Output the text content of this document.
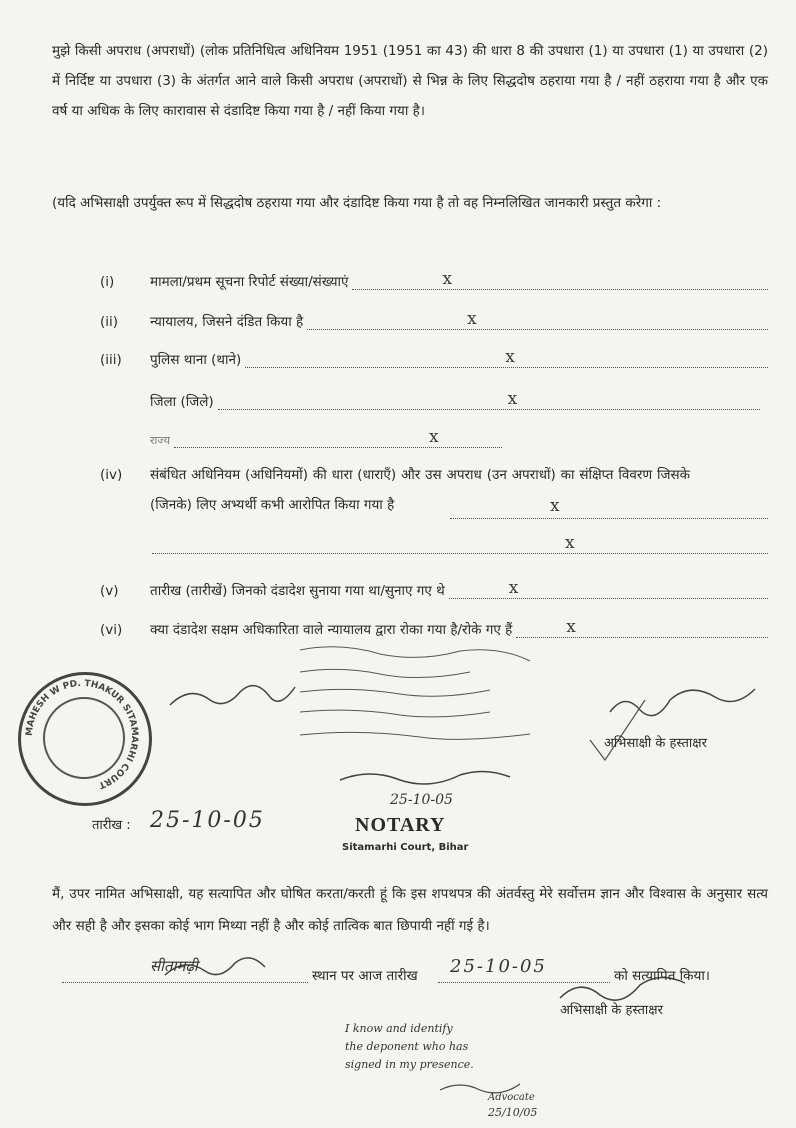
मुझे किसी अपराध (अपराधों) (लोक प्रतिनिधित्व अधिनियम 1951 (1951 का 43) की धारा 8 की उपधारा (1) या उपधारा (1) या उपधारा (2) में निर्दिष्ट या उपधारा (3) के अंतर्गत आने वाले किसी अपराध (अपराधों) से भिन्न के लिए सिद्धदोष ठहराया गया है / नहीं ठहराया गया है और एक वर्ष या अधिक के लिए कारावास से दंडादिष्ट किया गया है / नहीं किया गया है।
(यदि अभिसाक्षी उपर्युक्त रूप में सिद्धदोष ठहराया गया और दंडादिष्ट किया गया है तो वह निम्नलिखित जानकारी प्रस्तुत करेगा :
(i)	मामला/प्रथम सूचना रिपोर्ट संख्या/संख्याएं	x
(ii)	न्यायालय, जिसने दंडित किया है	x
(iii)	पुलिस थाना (थाने)	x
जिला (जिले)	x
राज्य	x
(iv)	संबंधित अधिनियम (अधिनियमों) की धारा (धाराएँ) और उस अपराध (उन अपराधों) का संक्षिप्त विवरण जिसके (जिनके) लिए अभ्यर्थी कभी आरोपित किया गया है	x
x
(v)	तारीख (तारीखें) जिनको दंडादेश सुनाया गया था/सुनाए गए थे	x
(vi)	क्या दंडादेश सक्षम अधिकारिता वाले न्यायालय द्वारा रोका गया है/रोके गए हैं	x
MAHESH W PD. THAKUR SITAMARHI COURT
25-10-05
25-10-05
तारीख :
अभिसाक्षी के हस्ताक्षर
NOTARY
Sitamarhi Court, Bihar
मैं, उपर नामित अभिसाक्षी, यह सत्यापित और घोषित करता/करती हूं कि इस शपथपत्र की अंतर्वस्तु मेरे सर्वोत्तम ज्ञान और विश्वास के अनुसार सत्य और सही है और इसका कोई भाग मिथ्या नहीं है और कोई तात्विक बात छिपायी नहीं गई है।
सीतामढ़ी
स्थान पर आज तारीख 25-10-05	को सत्यापित किया।
अभिसाक्षी के हस्ताक्षर
I know and identify
the deponent who has
signed in my presence.
Advocate
25/10/05
